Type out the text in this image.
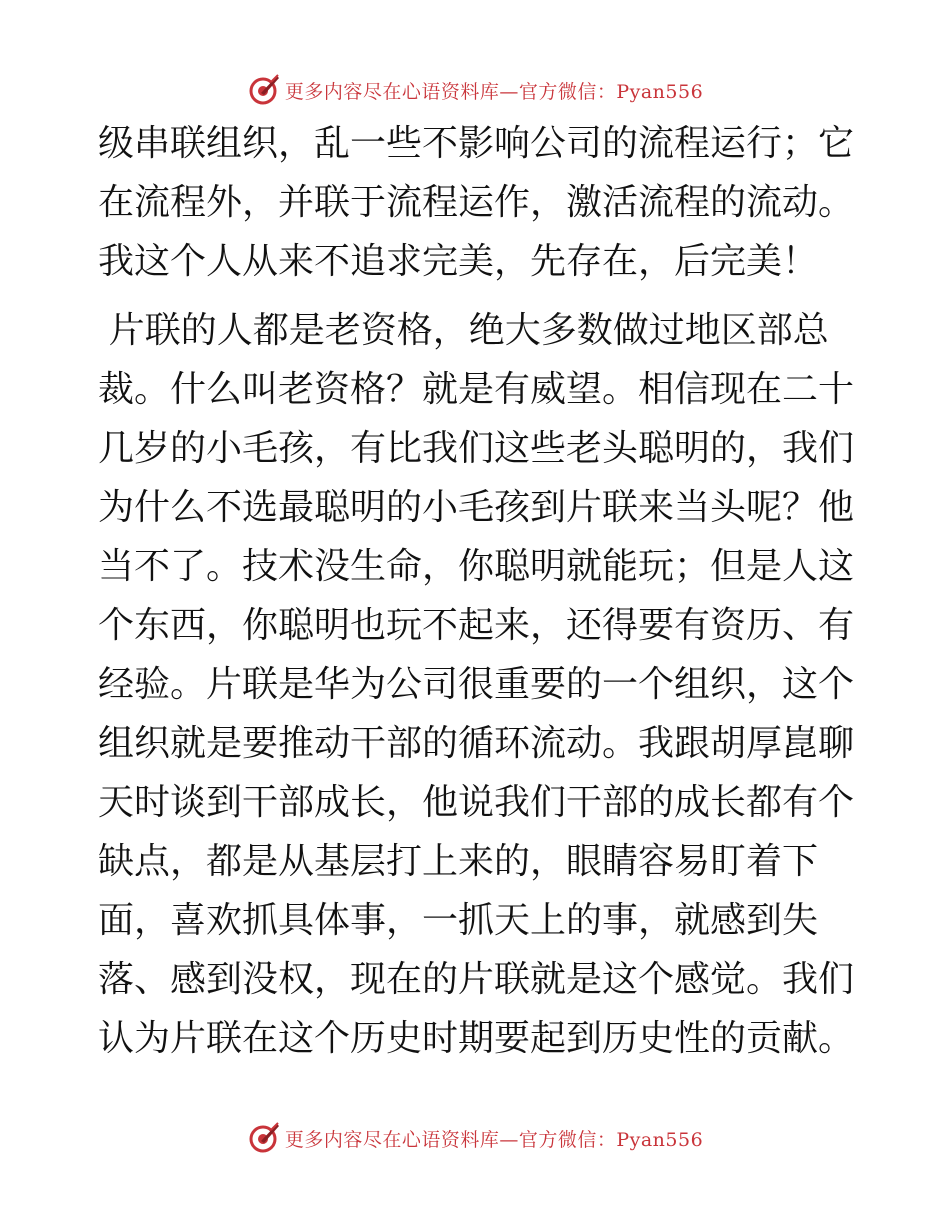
更多内容尽在心语资料库—官方微信：Pyan556

级串联组织，乱一些不影响公司的流程运行；它在流程外，并联于流程运作，激活流程的流动。我这个人从来不追求完美，先存在，后完美！

片联的人都是老资格，绝大多数做过地区部总裁。什么叫老资格？就是有威望。相信现在二十几岁的小毛孩，有比我们这些老头聪明的，我们为什么不选最聪明的小毛孩到片联来当头呢？他当不了。技术没生命，你聪明就能玩；但是人这个东西，你聪明也玩不起来，还得要有资历、有经验。片联是华为公司很重要的一个组织，这个组织就是要推动干部的循环流动。我跟胡厚崑聊天时谈到干部成长，他说我们干部的成长都有个缺点，都是从基层打上来的，眼睛容易盯着下面，喜欢抓具体事，一抓天上的事，就感到失落、感到没权，现在的片联就是这个感觉。我们认为片联在这个历史时期要起到历史性的贡献。

更多内容尽在心语资料库—官方微信：Pyan556
